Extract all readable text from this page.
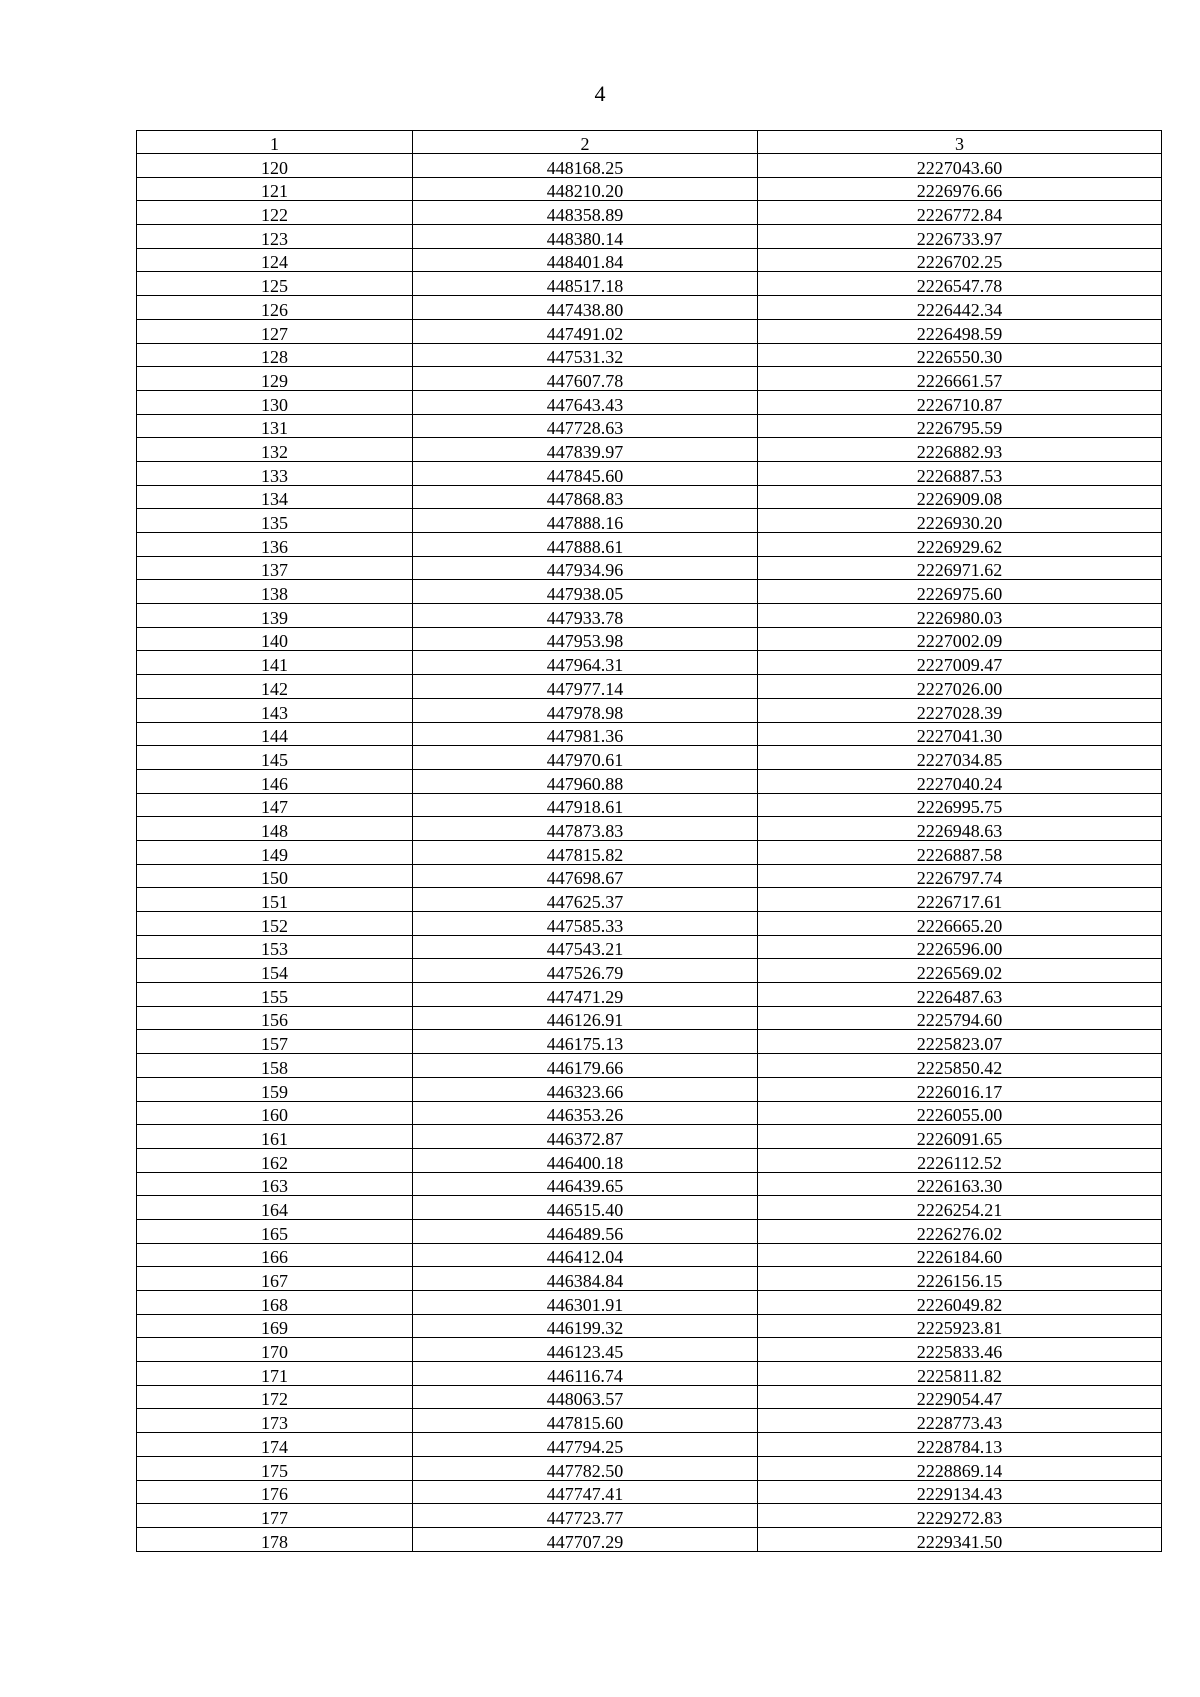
4
1	2	3
120	448168.25	2227043.60
121	448210.20	2226976.66
122	448358.89	2226772.84
123	448380.14	2226733.97
124	448401.84	2226702.25
125	448517.18	2226547.78
126	447438.80	2226442.34
127	447491.02	2226498.59
128	447531.32	2226550.30
129	447607.78	2226661.57
130	447643.43	2226710.87
131	447728.63	2226795.59
132	447839.97	2226882.93
133	447845.60	2226887.53
134	447868.83	2226909.08
135	447888.16	2226930.20
136	447888.61	2226929.62
137	447934.96	2226971.62
138	447938.05	2226975.60
139	447933.78	2226980.03
140	447953.98	2227002.09
141	447964.31	2227009.47
142	447977.14	2227026.00
143	447978.98	2227028.39
144	447981.36	2227041.30
145	447970.61	2227034.85
146	447960.88	2227040.24
147	447918.61	2226995.75
148	447873.83	2226948.63
149	447815.82	2226887.58
150	447698.67	2226797.74
151	447625.37	2226717.61
152	447585.33	2226665.20
153	447543.21	2226596.00
154	447526.79	2226569.02
155	447471.29	2226487.63
156	446126.91	2225794.60
157	446175.13	2225823.07
158	446179.66	2225850.42
159	446323.66	2226016.17
160	446353.26	2226055.00
161	446372.87	2226091.65
162	446400.18	2226112.52
163	446439.65	2226163.30
164	446515.40	2226254.21
165	446489.56	2226276.02
166	446412.04	2226184.60
167	446384.84	2226156.15
168	446301.91	2226049.82
169	446199.32	2225923.81
170	446123.45	2225833.46
171	446116.74	2225811.82
172	448063.57	2229054.47
173	447815.60	2228773.43
174	447794.25	2228784.13
175	447782.50	2228869.14
176	447747.41	2229134.43
177	447723.77	2229272.83
178	447707.29	2229341.50
